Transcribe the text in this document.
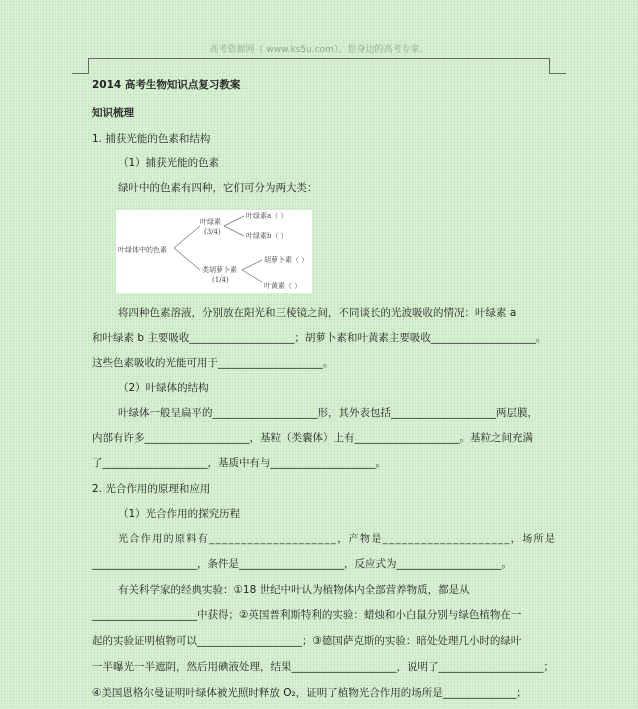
高考资源网（ www.ks5u.com），您身边的高考专家。
2014 高考生物知识点复习教案
知识梳理
1. 捕获光能的色素和结构
（1）捕获光能的色素
绿叶中的色素有四种，它们可分为两大类：
叶绿体中的色素
叶绿素
(3/4)
叶绿素a（ ）
叶绿素b（ ）
类胡萝卜素
(1/4)
胡萝卜素（ ）
叶黄素（ ）
将四种色素溶液，分别放在阳光和三棱镜之间，不同谈长的光波吸收的情况：叶绿素 a
和叶绿素 b 主要吸收____________________；胡萝卜素和叶黄素主要吸收____________________。
这些色素吸收的光能可用于____________________。
（2）叶绿体的结构
叶绿体一般呈扁平的____________________形，其外表包括____________________两层膜，
内部有许多____________________，基粒（类囊体）上有____________________。基粒之间充满
了____________________，基质中有与____________________。
2. 光合作用的原理和应用
（1）光合作用的探究历程
光合作用的原料有____________________，产物是____________________，场所是
____________________，条件是____________________，反应式为____________________。
有关科学家的经典实验：①18 世纪中叶认为植物体内全部营养物质，都是从
____________________中获得；②英国普利斯特利的实验：蜡烛和小白鼠分别与绿色植物在一
起的实验证明植物可以____________________；③德国萨克斯的实验：暗处处理几小时的绿叶
一半曝光一半遮阴，然后用碘液处理，结果____________________，说明了____________________；
④美国恩格尔曼证明叶绿体被光照时释放 O₂，证明了植物光合作用的场所是______________；
